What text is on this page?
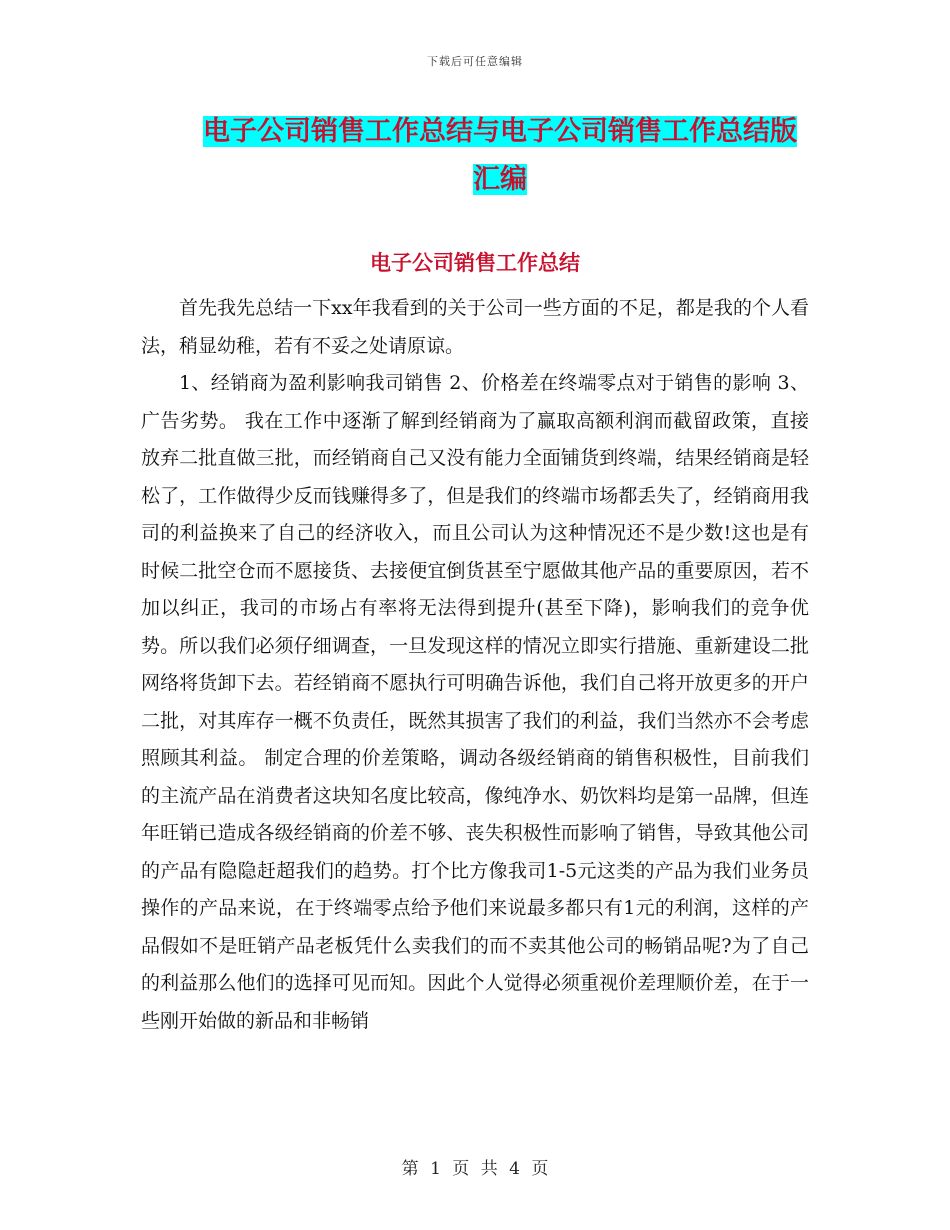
下载后可任意编辑
电子公司销售工作总结与电子公司销售工作总结版汇编
电子公司销售工作总结

首先我先总结一下xx年我看到的关于公司一些方面的不足，都是我的个人看法，稍显幼稚，若有不妥之处请原谅。

1、经销商为盈利影响我司销售 2、价格差在终端零点对于销售的影响 3、广告劣势。 我在工作中逐渐了解到经销商为了赢取高额利润而截留政策，直接放弃二批直做三批，而经销商自己又没有能力全面铺货到终端，结果经销商是轻松了，工作做得少反而钱赚得多了，但是我们的终端市场都丢失了，经销商用我司的利益换来了自己的经济收入，而且公司认为这种情况还不是少数!这也是有时候二批空仓而不愿接货、去接便宜倒货甚至宁愿做其他产品的重要原因，若不加以纠正，我司的市场占有率将无法得到提升(甚至下降)，影响我们的竞争优势。所以我们必须仔细调查，一旦发现这样的情况立即实行措施、重新建设二批网络将货卸下去。若经销商不愿执行可明确告诉他，我们自己将开放更多的开户二批，对其库存一概不负责任，既然其损害了我们的利益，我们当然亦不会考虑照顾其利益。 制定合理的价差策略，调动各级经销商的销售积极性，目前我们的主流产品在消费者这块知名度比较高，像纯净水、奶饮料均是第一品牌，但连年旺销已造成各级经销商的价差不够、丧失积极性而影响了销售，导致其他公司的产品有隐隐赶超我们的趋势。打个比方像我司1-5元这类的产品为我们业务员操作的产品来说，在于终端零点给予他们来说最多都只有1元的利润，这样的产品假如不是旺销产品老板凭什么卖我们的而不卖其他公司的畅销品呢?为了自己的利益那么他们的选择可见而知。因此个人觉得必须重视价差理顺价差，在于一些刚开始做的新品和非畅销

第 1 页 共 4 页
